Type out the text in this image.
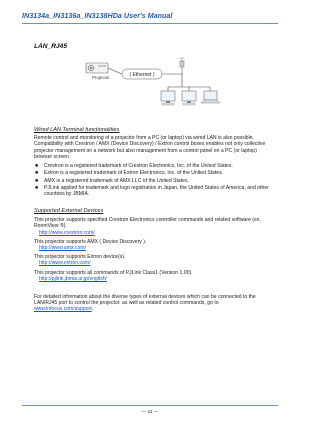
IN3134a_IN3136a_IN3138HDa User's Manual
LAN_RJ45
Projector	( Ethernet )
Wired LAN Terminal functionalities
Remote control and monitoring of a projector from a PC (or laptop) via wired LAN is also possible. Compatibility with Crestron / AMX (Device Discovery) / Extron control boxes enables not only collective projector management on a network but also management from a control panel on a PC (or laptop) browser screen.
■ Crestron is a registered trademark of Crestron Electronics, Inc. of the United States.
■ Extron is a registered trademark of Extron Electronics, Inc. of the United States.
■ AMX is a registered trademark of AMX LLC of the United States.
■ PJLink applied for trademark and logo registration in Japan, the United States of America, and other countries by JBMIA.
Supported External Devices
This projector supports specified Crestron Electronics controller commands and related software (ex, RoomView ®).
http://www.crestron.com/
This projector supports AMX ( Device Discovery ).
http://www.amx.com/
This projector supports Extron device(s).
http://www.extron.com/
This projector supports all commands of PJLink Class1 (Version 1.00).
http://pjlink.jbmia.or.jp/english/
For detailed information about the diverse types of external devices which can be connected to the LAN/RJ45 port to control the projector, as well as related control commands, go to www.infocus.com/support.
— 34 —
